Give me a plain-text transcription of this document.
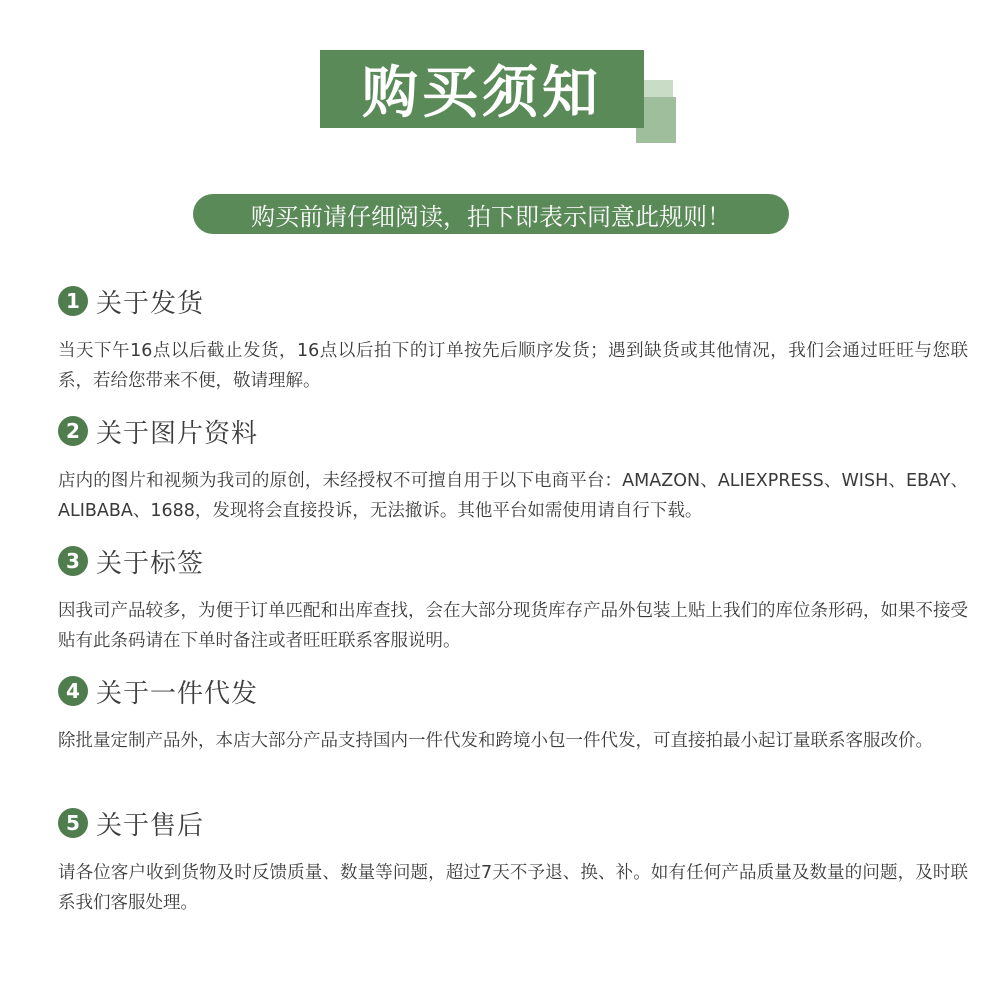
购买须知
购买前请仔细阅读，拍下即表示同意此规则！
1 关于发货
当天下午16点以后截止发货，16点以后拍下的订单按先后顺序发货；遇到缺货或其他情况，我们会通过旺旺与您联系，若给您带来不便，敬请理解。
2 关于图片资料
店内的图片和视频为我司的原创，未经授权不可擅自用于以下电商平台：AMAZON、ALIEXPRESS、WISH、EBAY、ALIBABA、1688，发现将会直接投诉，无法撤诉。其他平台如需使用请自行下载。
3 关于标签
因我司产品较多，为便于订单匹配和出库查找，会在大部分现货库存产品外包装上贴上我们的库位条形码，如果不接受贴有此条码请在下单时备注或者旺旺联系客服说明。
4 关于一件代发
除批量定制产品外，本店大部分产品支持国内一件代发和跨境小包一件代发，可直接拍最小起订量联系客服改价。
5 关于售后
请各位客户收到货物及时反馈质量、数量等问题，超过7天不予退、换、补。如有任何产品质量及数量的问题，及时联系我们客服处理。
